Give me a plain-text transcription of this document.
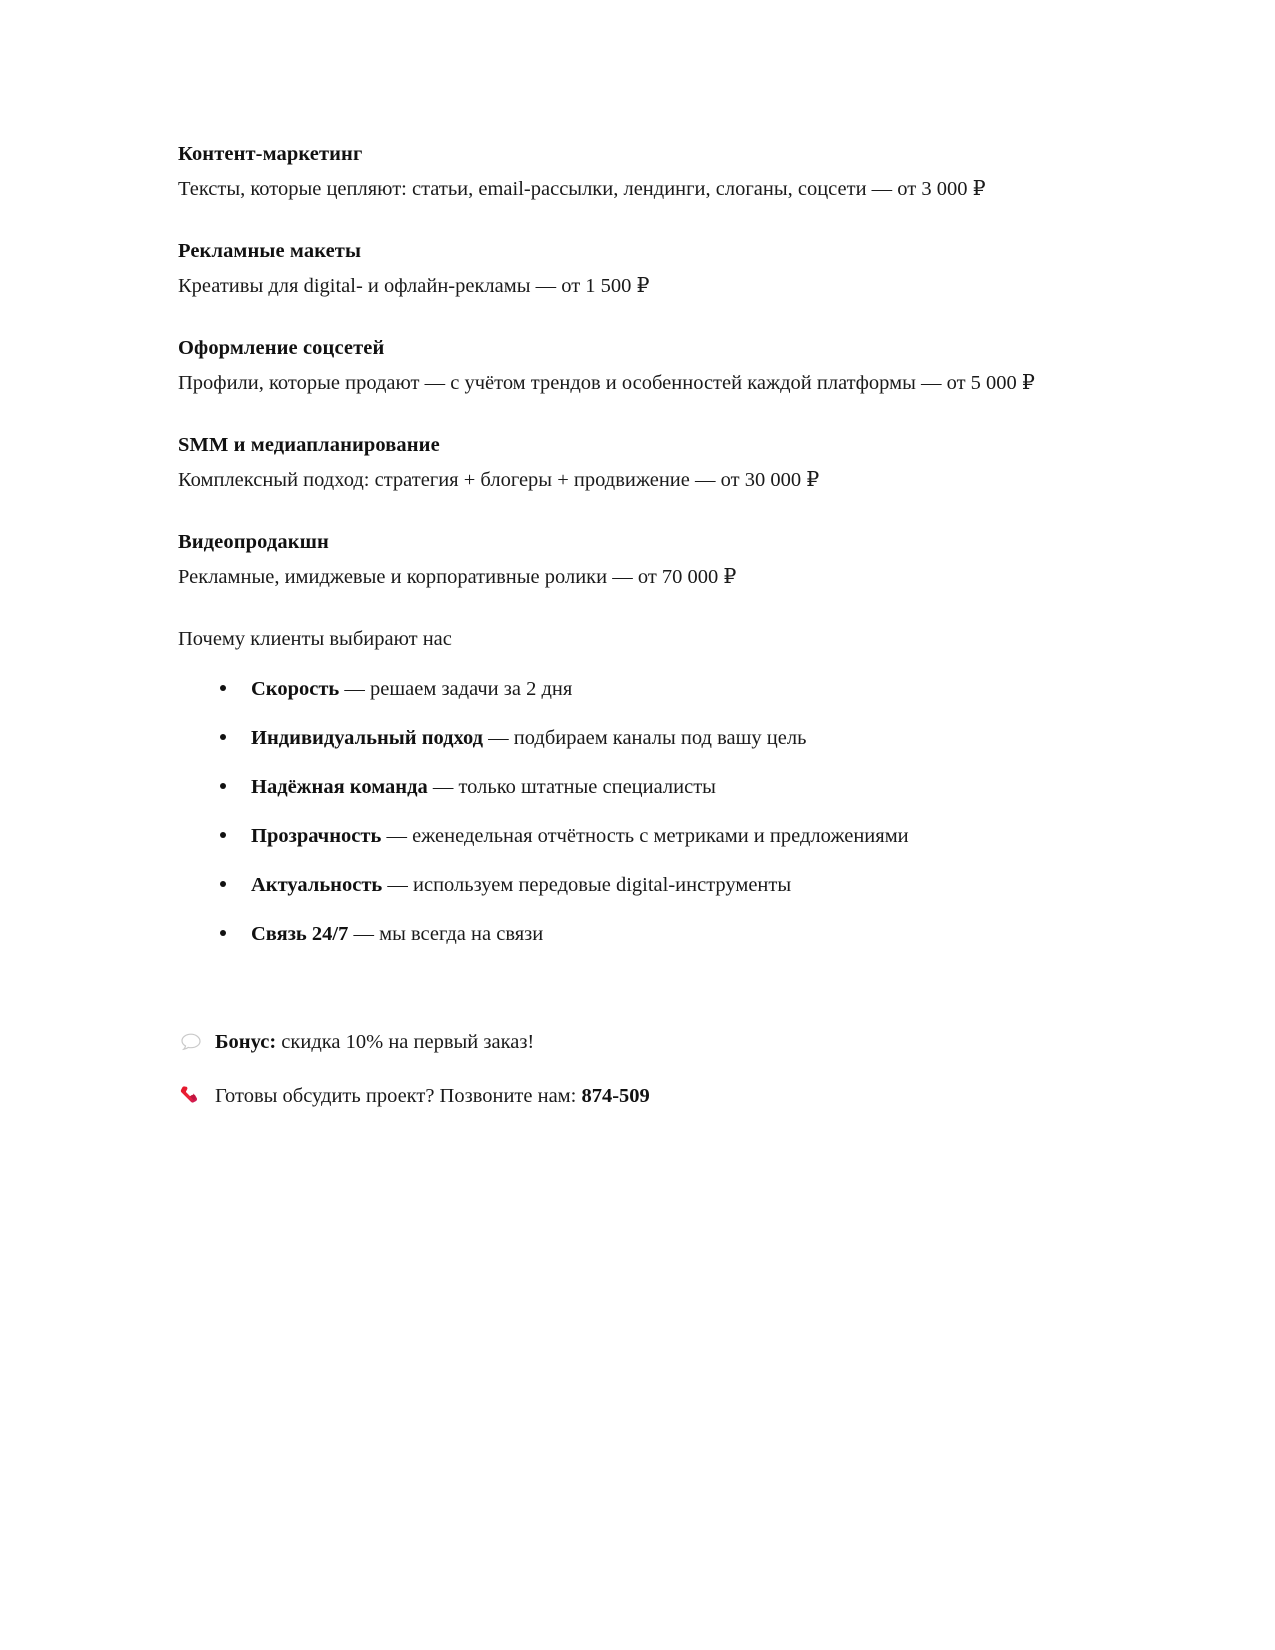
Контент-маркетинг

Тексты, которые цепляют: статьи, email-рассылки, лендинги, слоганы, соцсети — от 3 000 ₽

Рекламные макеты

Креативы для digital- и офлайн-рекламы — от 1 500 ₽

Оформление соцсетей

Профили, которые продают — с учётом трендов и особенностей каждой платформы — от 5 000 ₽

SMM и медиапланирование

Комплексный подход: стратегия + блогеры + продвижение — от 30 000 ₽

Видеопродакшн

Рекламные, имиджевые и корпоративные ролики — от 70 000 ₽

Почему клиенты выбирают нас

Скорость — решаем задачи за 2 дня
Индивидуальный подход — подбираем каналы под вашу цель
Надёжная команда — только штатные специалисты
Прозрачность — еженедельная отчётность с метриками и предложениями
Актуальность — используем передовые digital-инструменты
Связь 24/7 — мы всегда на связи

Бонус: скидка 10% на первый заказ!

Готовы обсудить проект? Позвоните нам: 874-509
